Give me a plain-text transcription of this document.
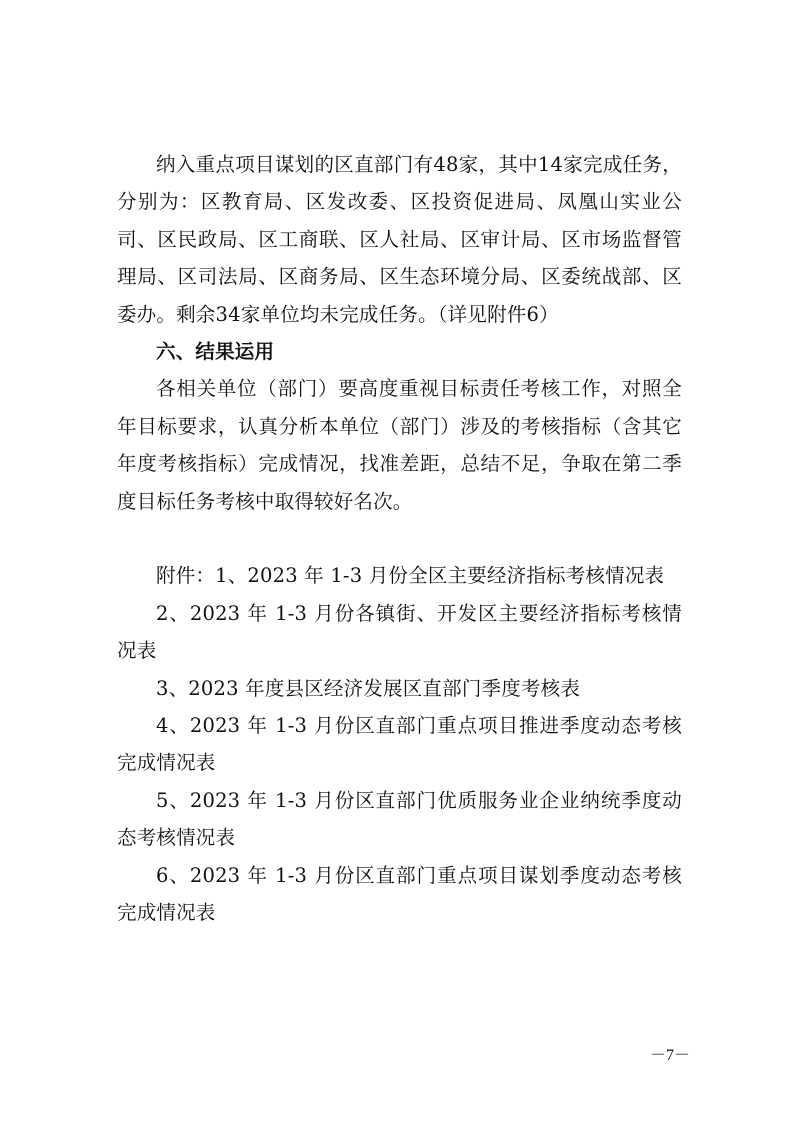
纳入重点项目谋划的区直部门有48家，其中14家完成任务，分别为：区教育局、区发改委、区投资促进局、凤凰山实业公司、区民政局、区工商联、区人社局、区审计局、区市场监督管理局、区司法局、区商务局、区生态环境分局、区委统战部、区委办。剩余34家单位均未完成任务。（详见附件6）

六、结果运用

各相关单位（部门）要高度重视目标责任考核工作，对照全年目标要求，认真分析本单位（部门）涉及的考核指标（含其它年度考核指标）完成情况，找准差距，总结不足，争取在第二季度目标任务考核中取得较好名次。

附件：1、2023 年 1-3 月份全区主要经济指标考核情况表

2、2023 年 1-3 月份各镇街、开发区主要经济指标考核情况表

3、2023 年度县区经济发展区直部门季度考核表

4、2023 年 1-3 月份区直部门重点项目推进季度动态考核完成情况表

5、2023 年 1-3 月份区直部门优质服务业企业纳统季度动态考核情况表

6、2023 年 1-3 月份区直部门重点项目谋划季度动态考核完成情况表

－7－
